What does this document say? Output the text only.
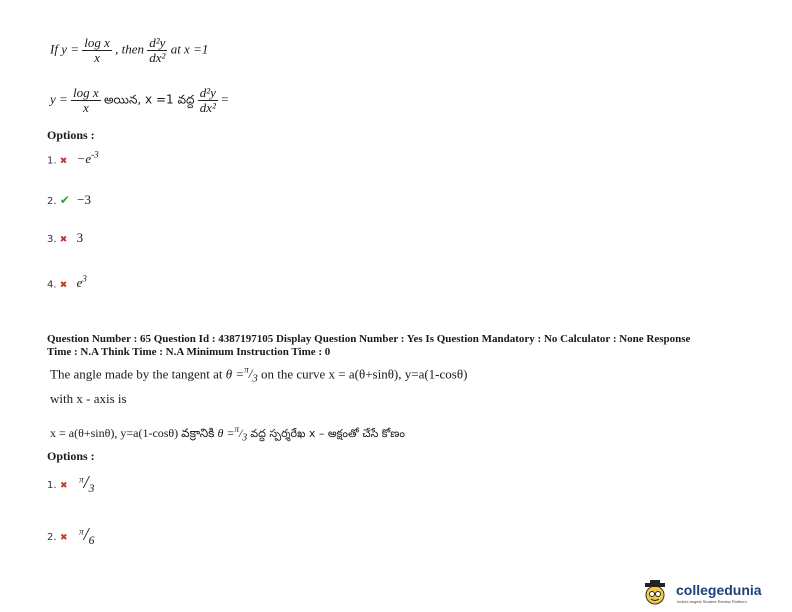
If $y = \frac{\text{log x}}{x}$ , then $\frac{\text{d²y}}{\text{dx²}}$ at x =1
$y = \frac{\text{log x}}{x}$ అయిన, x =1 వద్ద $\frac{\text{d²y}}{\text{dx²}}$ =
Options :
1. ✖ $-e^{-3}$
2. ✔ −3
3. ✖ 3
4. ✖ $e^3$
Question Number : 65 Question Id : 4387197105 Display Question Number : Yes Is Question Mandatory : No Calculator : None Response
Time : N.A Think Time : N.A Minimum Instruction Time : 0
The angle made by the tangent at $\theta =^\pi/_3$ on the curve x = a(θ+sinθ), y=a(1-cosθ)
with x - axis is
x = a(θ+sinθ), y=a(1-cosθ) వక్రానికి $\theta =^\pi/_3$ వద్ద స్పర్శరేఖ x – అక్షంతో చేసే కోణం
Options :
1. ✖ $^\pi/_3$
2. ✖ $^\pi/_6$
collegedunia
India's largest Student Review Platform
